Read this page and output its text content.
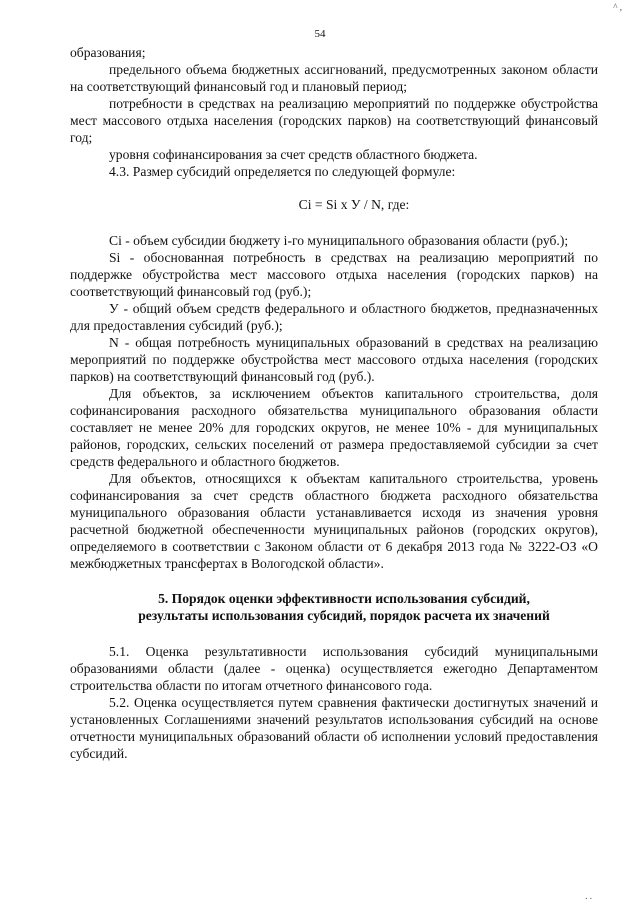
^ ,
54

образования;

предельного объема бюджетных ассигнований, предусмотренных законом области на соответствующий финансовый год и плановый период;

потребности в средствах на реализацию мероприятий по поддержке обустройства мест массового отдыха населения (городских парков) на соответствующий финансовый год;

уровня софинансирования за счет средств областного бюджета.

4.3. Размер субсидий определяется по следующей формуле:

Ci = Si x У / N, где:

Ci - объем субсидии бюджету i-го муниципального образования области (руб.);

Si - обоснованная потребность в средствах на реализацию мероприятий по поддержке обустройства мест массового отдыха населения (городских парков) на соответствующий финансовый год (руб.);

У - общий объем средств федерального и областного бюджетов, предназначенных для предоставления субсидий (руб.);

N - общая потребность муниципальных образований в средствах на реализацию мероприятий по поддержке обустройства мест массового отдыха населения (городских парков) на соответствующий финансовый год (руб.).

Для объектов, за исключением объектов капитального строительства, доля софинансирования расходного обязательства муниципального образования области составляет не менее 20% для городских округов, не менее 10% - для муниципальных районов, городских, сельских поселений от размера предоставляемой субсидии за счет средств федерального и областного бюджетов.

Для объектов, относящихся к объектам капитального строительства, уровень софинансирования за счет средств областного бюджета расходного обязательства муниципального образования области устанавливается исходя из значения уровня расчетной бюджетной обеспеченности муниципальных районов (городских округов), определяемого в соответствии с Законом области от 6 декабря 2013 года № 3222-ОЗ «О межбюджетных трансфертах в Вологодской области».

5. Порядок оценки эффективности использования субсидий,
результаты использования субсидий, порядок расчета их значений

5.1. Оценка результативности использования субсидий муниципальными образованиями области (далее - оценка) осуществляется ежегодно Департаментом строительства области по итогам отчетного финансового года.

5.2. Оценка осуществляется путем сравнения фактически достигнутых значений и установленных Соглашениями значений результатов использования субсидий на основе отчетности муниципальных образований области об исполнении условий предоставления субсидий.

. .
